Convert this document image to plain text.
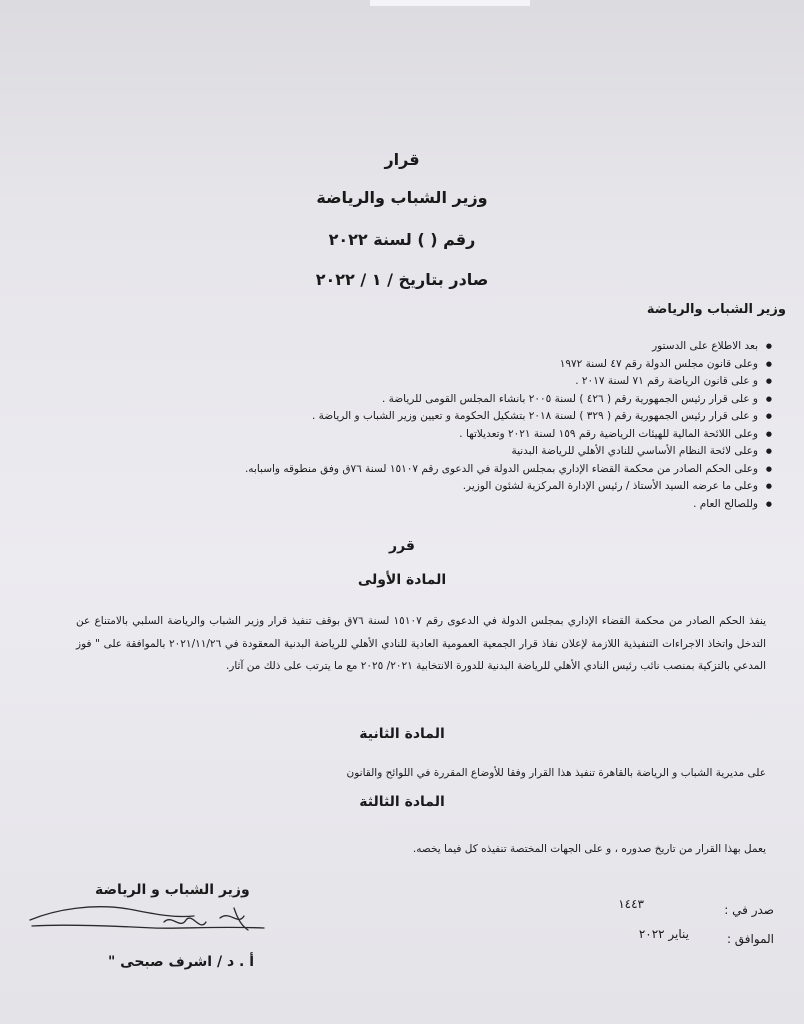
قرار
وزير الشباب والرياضة
رقم ( ) لسنة ٢٠٢٢
صادر بتاريخ / ١ / ٢٠٢٢
وزير الشباب والرياضة
● بعد الاطلاع على الدستور
● وعلى قانون مجلس الدولة رقم ٤٧ لسنة ١٩٧٢
● و على قانون الرياضة رقم ٧١ لسنة ٢٠١٧ .
● و على قرار رئيس الجمهورية رقم ( ٤٢٦ ) لسنة ٢٠٠٥ بانشاء المجلس القومى للرياضة .
● و على قرار رئيس الجمهورية رقم ( ٣٢٩ ) لسنة ٢٠١٨ بتشكيل الحكومة و تعيين وزير الشباب و الرياضة .
● وعلى اللائحة المالية للهيئات الرياضية رقم ١٥٩ لسنة ٢٠٢١ وتعديلاتها .
● وعلى لائحة النظام الأساسي للنادي الأهلي للرياضة البدنية
● وعلى الحكم الصادر من محكمة القضاء الإداري بمجلس الدولة في الدعوى رقم ١٥١٠٧ لسنة ٧٦ق وفق منطوقه واسبابه.
● وعلى ما عرضه السيد الأستاذ / رئيس الإدارة المركزية لشئون الوزير.
● وللصالح العام .
قرر
المادة الأولى
ينفذ الحكم الصادر من محكمة القضاء الإداري بمجلس الدولة في الدعوى رقم ١٥١٠٧ لسنة ٧٦ق بوقف تنفيذ قرار وزير الشباب والرياضة السلبي بالامتناع عن التدخل واتخاذ الاجراءات التنفيذية اللازمة لإعلان نفاذ قرار الجمعية العمومية العادية للنادي الأهلي للرياضة البدنية المعقودة في ٢٠٢١/١١/٢٦ بالموافقة على " فوز المدعي بالتزكية بمنصب نائب رئيس النادي الأهلي للرياضة البدنية للدورة الانتخابية ٢٠٢١/ ٢٠٢٥ مع ما يترتب على ذلك من آثار.
المادة الثانية
على مديرية الشباب و الرياضة بالقاهرة تنفيذ هذا القرار وفقا للأوضاع المقررة في اللوائح والقانون
المادة الثالثة
يعمل بهذا القرار من تاريخ صدوره ، و على الجهات المختصة تنفيذه كل فيما يخصه.
صدر في :
١٤٤٣
الموافق :
يناير ٢٠٢٢
وزير الشباب و الرياضة
أ . د / اشرف صبحى "
